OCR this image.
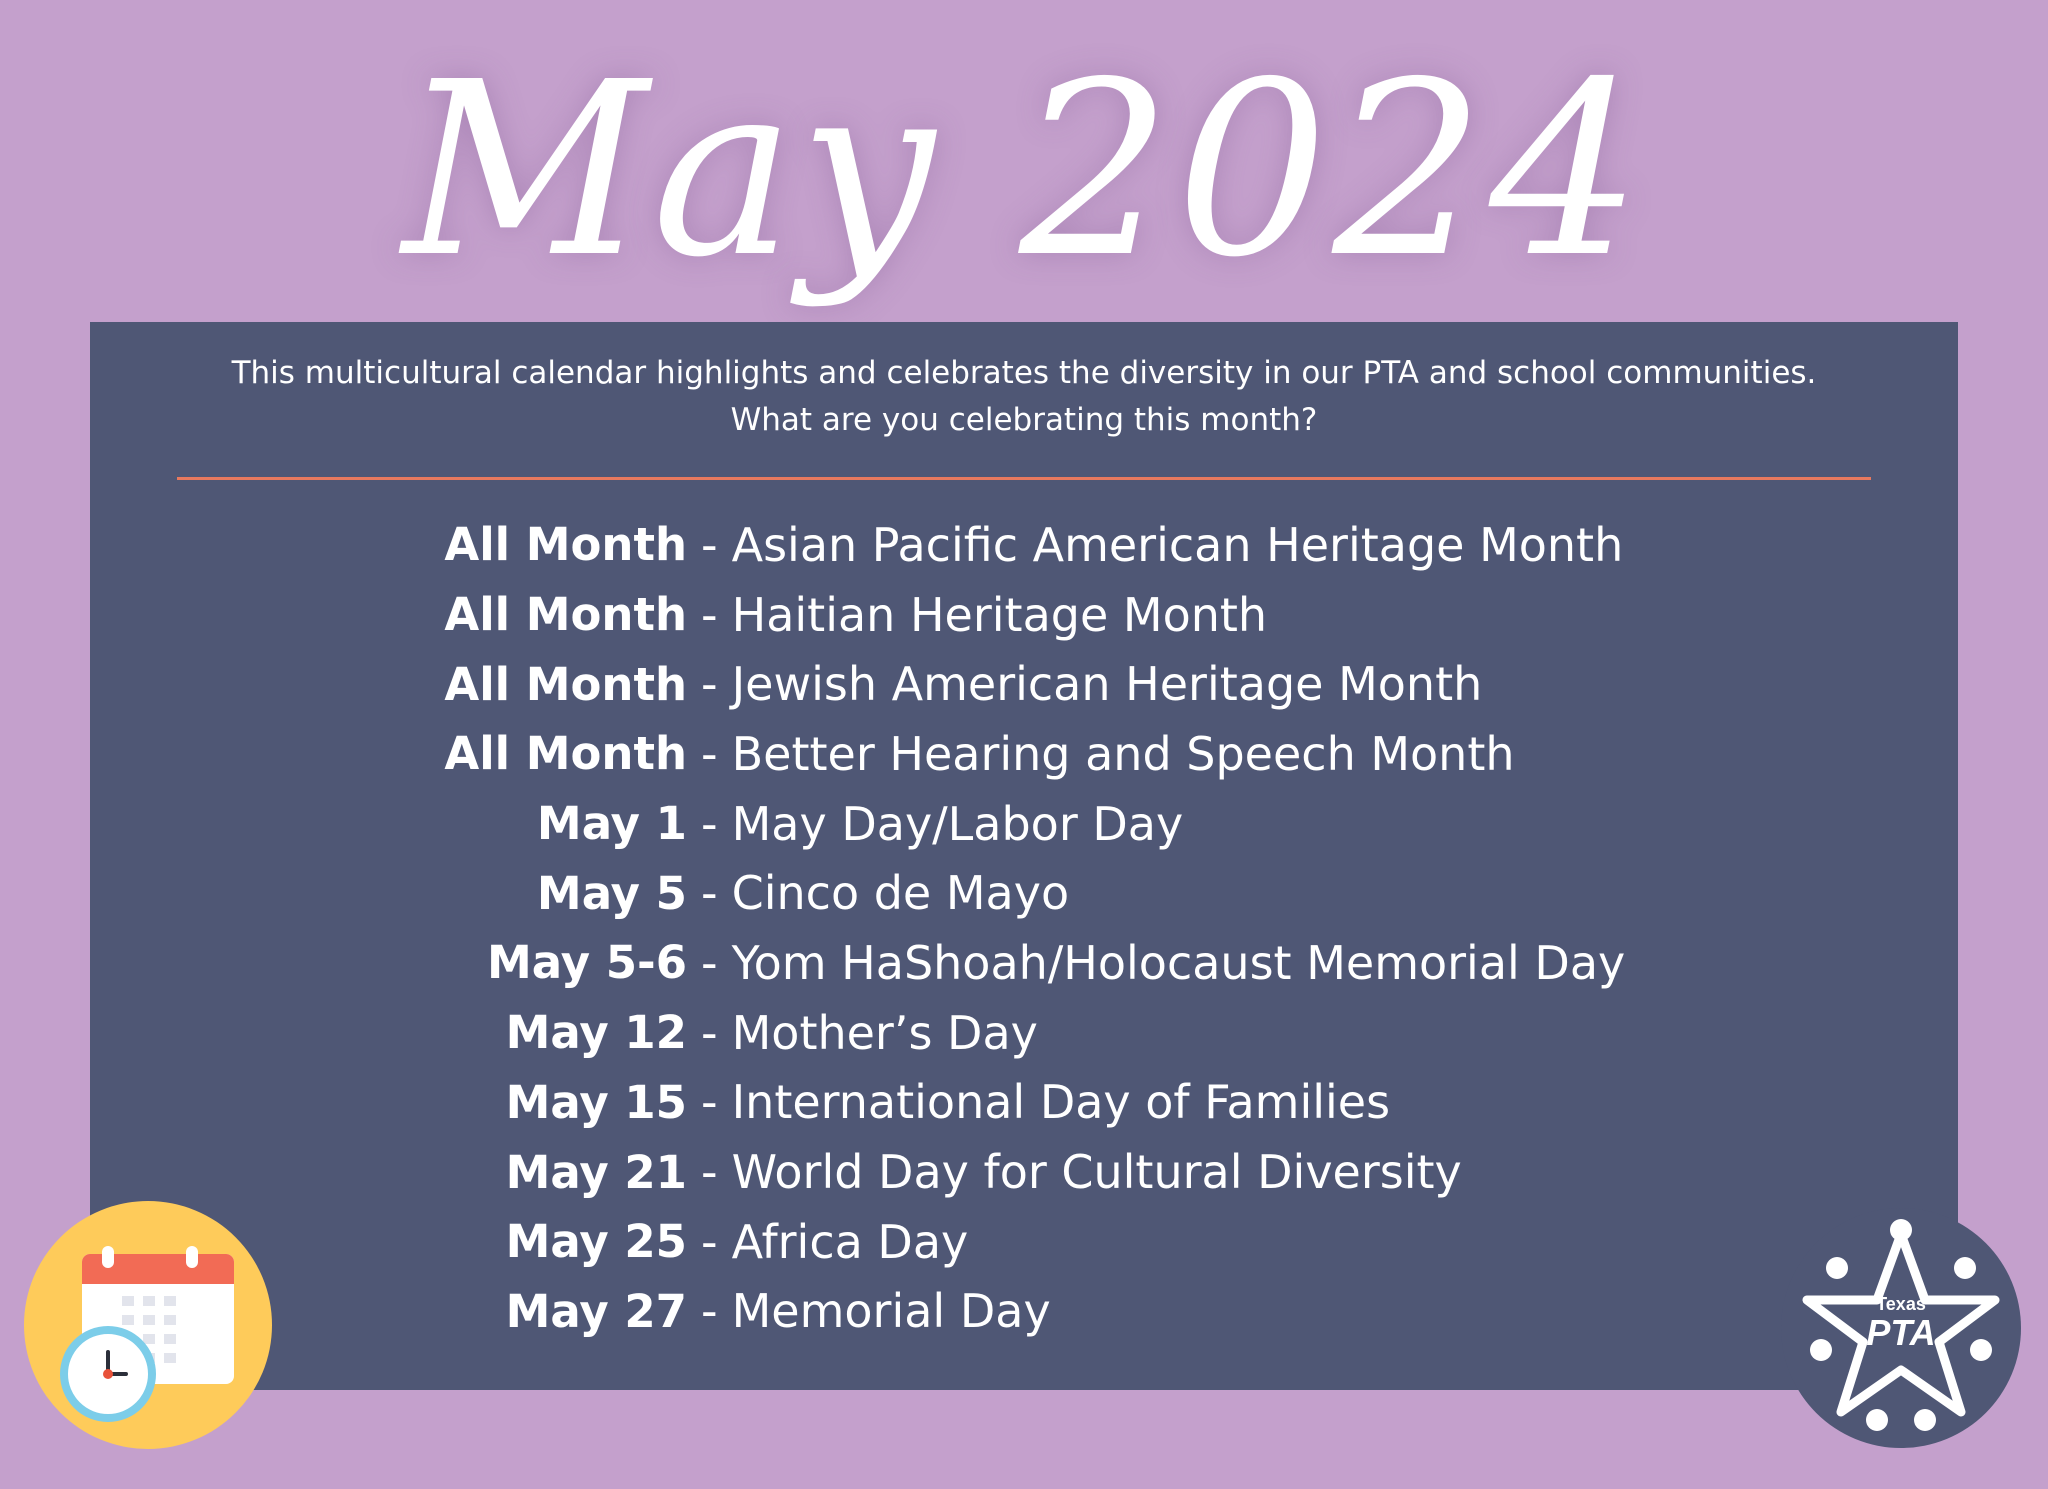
May 2024
This multicultural calendar highlights and celebrates the diversity in our PTA and school communities.
What are you celebrating this month?
All Month - Asian Pacific American Heritage Month
All Month - Haitian Heritage Month
All Month - Jewish American Heritage Month
All Month - Better Hearing and Speech Month
May 1 - May Day/Labor Day
May 5 - Cinco de Mayo
May 5-6 - Yom HaShoah/Holocaust Memorial Day
May 12 - Mother’s Day
May 15 - International Day of Families
May 21 - World Day for Cultural Diversity
May 25 - Africa Day
May 27 - Memorial Day	Texas
PTA
